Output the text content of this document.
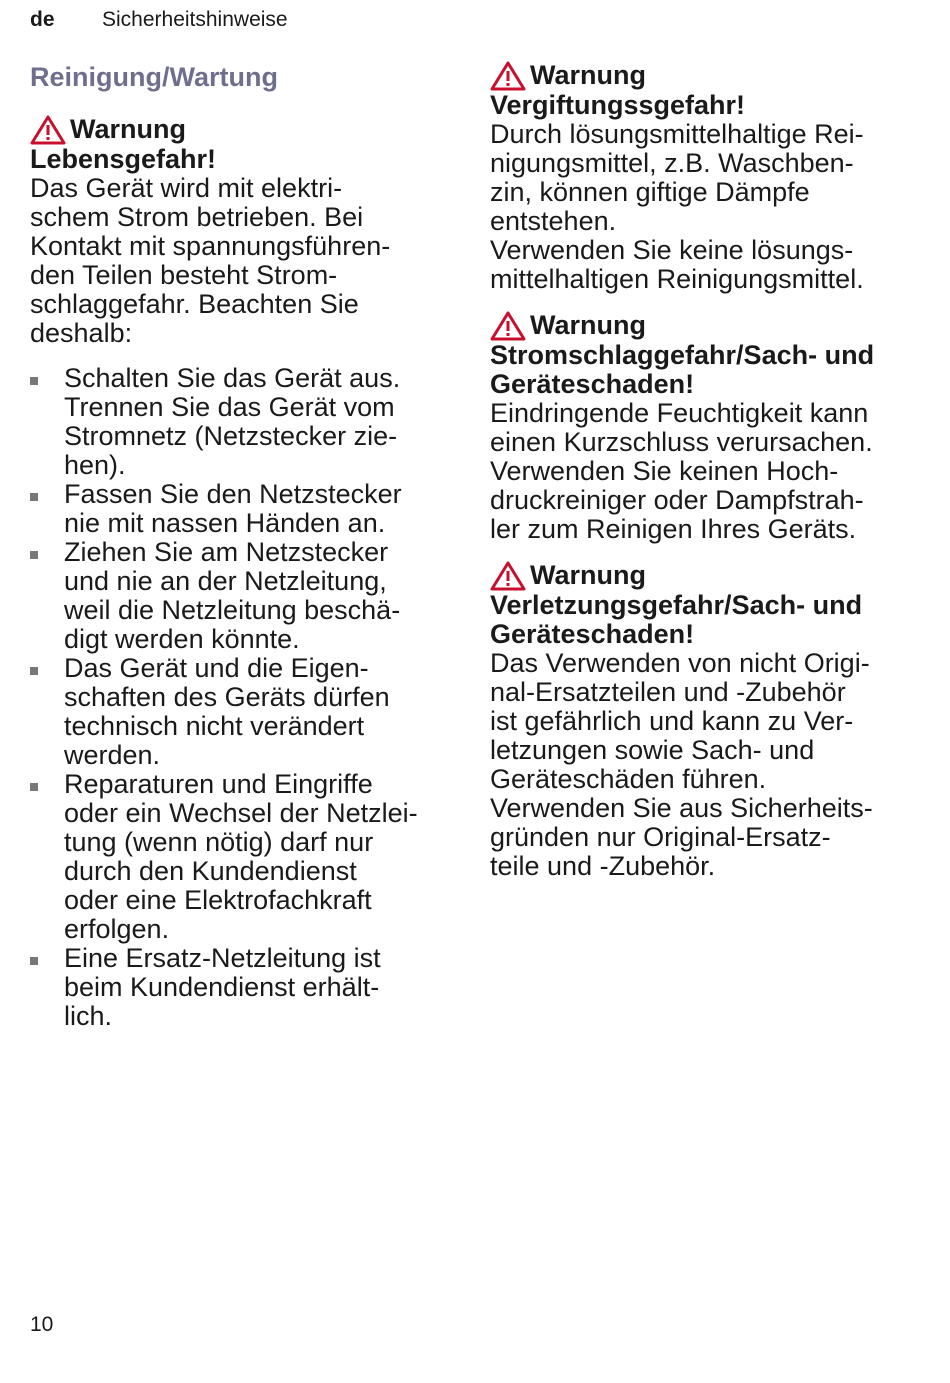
de Sicherheitshinweise
Reinigung/Wartung
Warnung
Lebensgefahr!
Das Gerät wird mit elektri-
schem Strom betrieben. Bei
Kontakt mit spannungsführen-
den Teilen besteht Strom-
schlaggefahr. Beachten Sie
deshalb:
Schalten Sie das Gerät aus.
Trennen Sie das Gerät vom
Stromnetz (Netzstecker zie-
hen).
Fassen Sie den Netzstecker
nie mit nassen Händen an.
Ziehen Sie am Netzstecker
und nie an der Netzleitung,
weil die Netzleitung beschä-
digt werden könnte.
Das Gerät und die Eigen-
schaften des Geräts dürfen
technisch nicht verändert
werden.
Reparaturen und Eingriffe
oder ein Wechsel der Netzlei-
tung (wenn nötig) darf nur
durch den Kundendienst
oder eine Elektrofachkraft
erfolgen.
Eine Ersatz-Netzleitung ist
beim Kundendienst erhält-
lich.
Warnung
Vergiftungssgefahr!
Durch lösungsmittelhaltige Rei-
nigungsmittel, z.B. Waschben-
zin, können giftige Dämpfe
entstehen.
Verwenden Sie keine lösungs-
mittelhaltigen Reinigungsmittel.
Warnung
Stromschlaggefahr/Sach- und
Geräteschaden!
Eindringende Feuchtigkeit kann
einen Kurzschluss verursachen.
Verwenden Sie keinen Hoch-
druckreiniger oder Dampfstrah-
ler zum Reinigen Ihres Geräts.
Warnung
Verletzungsgefahr/Sach- und
Geräteschaden!
Das Verwenden von nicht Origi-
nal-Ersatzteilen und -Zubehör
ist gefährlich und kann zu Ver-
letzungen sowie Sach- und
Geräteschäden führen.
Verwenden Sie aus Sicherheits-
gründen nur Original-Ersatz-
teile und -Zubehör.
10
